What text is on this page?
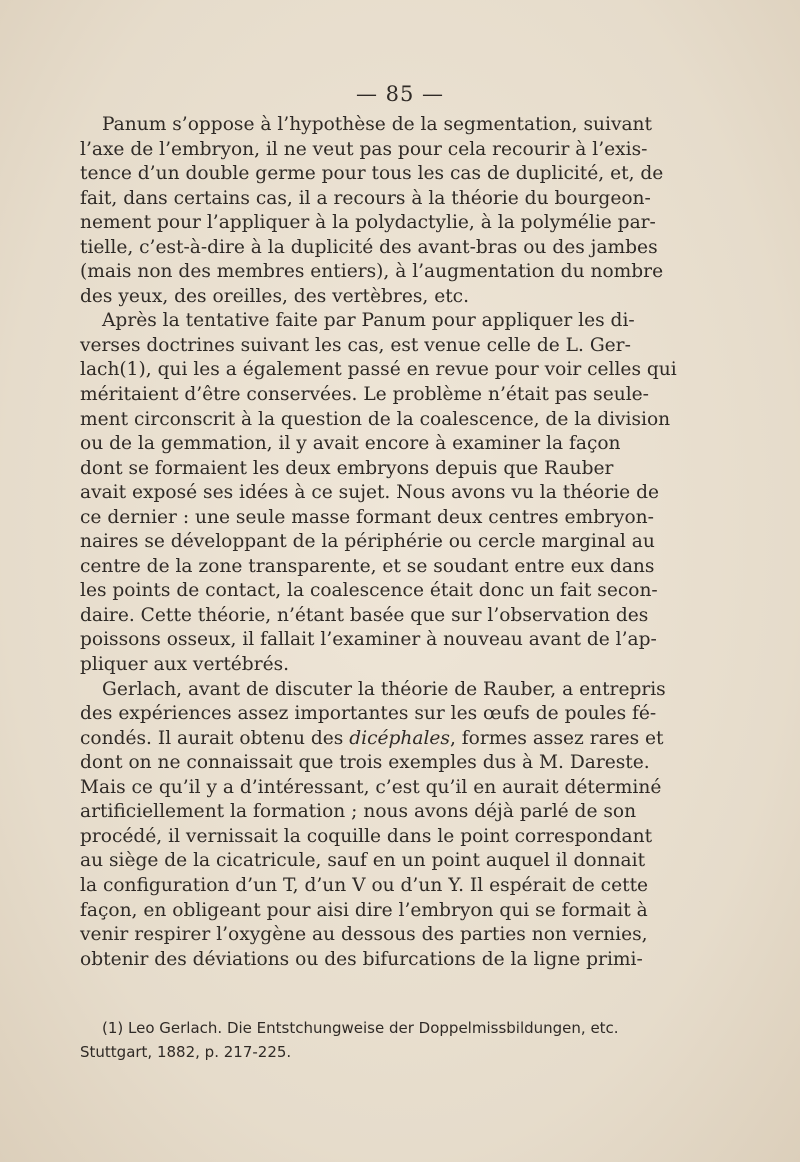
— 85 —
Panum s’oppose à l’hypothèse de la segmentation, suivant
l’axe de l’embryon, il ne veut pas pour cela recourir à l’exis-
tence d’un double germe pour tous les cas de duplicité, et, de
fait, dans certains cas, il a recours à la théorie du bourgeon-
nement pour l’appliquer à la polydactylie, à la polymélie par-
tielle, c’est-à-dire à la duplicité des avant-bras ou des jambes
(mais non des membres entiers), à l’augmentation du nombre
des yeux, des oreilles, des vertèbres, etc.
Après la tentative faite par Panum pour appliquer les di-
verses doctrines suivant les cas, est venue celle de L. Ger-
lach(1), qui les a également passé en revue pour voir celles qui
méritaient d’être conservées. Le problème n’était pas seule-
ment circonscrit à la question de la coalescence, de la division
ou de la gemmation, il y avait encore à examiner la façon
dont se formaient les deux embryons depuis que Rauber
avait exposé ses idées à ce sujet. Nous avons vu la théorie de
ce dernier : une seule masse formant deux centres embryon-
naires se développant de la périphérie ou cercle marginal au
centre de la zone transparente, et se soudant entre eux dans
les points de contact, la coalescence était donc un fait secon-
daire. Cette théorie, n’étant basée que sur l’observation des
poissons osseux, il fallait l’examiner à nouveau avant de l’ap-
pliquer aux vertébrés.
Gerlach, avant de discuter la théorie de Rauber, a entrepris
des expériences assez importantes sur les œufs de poules fé-
condés. Il aurait obtenu des dicéphales, formes assez rares et
dont on ne connaissait que trois exemples dus à M. Dareste.
Mais ce qu’il y a d’intéressant, c’est qu’il en aurait déterminé
artificiellement la formation ; nous avons déjà parlé de son
procédé, il vernissait la coquille dans le point correspondant
au siège de la cicatricule, sauf en un point auquel il donnait
la configuration d’un T, d’un V ou d’un Y. Il espérait de cette
façon, en obligeant pour aisi dire l’embryon qui se formait à
venir respirer l’oxygène au dessous des parties non vernies,
obtenir des déviations ou des bifurcations de la ligne primi-
(1) Leo Gerlach. Die Entstchungweise der Doppelmissbildungen, etc.
Stuttgart, 1882, p. 217-225.
